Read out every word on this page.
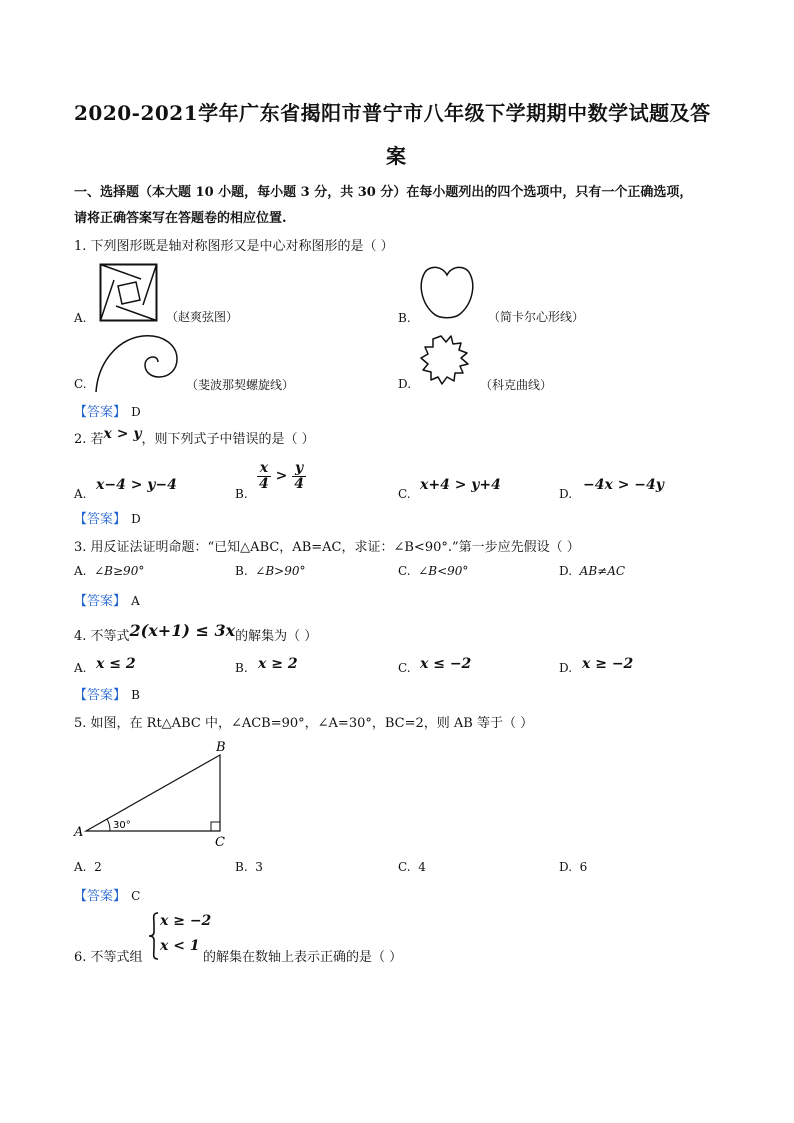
2020-2021学年广东省揭阳市普宁市八年级下学期期中数学试题及答
案
一、选择题（本大题 10 小题，每小题 3 分，共 30 分）在每小题列出的四个选项中，只有一个正确选项，
请将正确答案写在答题卷的相应位置.
1. 下列图形既是轴对称图形又是中心对称图形的是（ ）
A.	（赵爽弦图）	B.	（简卡尔心形线）
C.	（斐波那契螺旋线）	D.	（科克曲线）
【答案】 D
2. 若x > y，则下列式子中错误的是（ ）
A.
x−4 > y−4
B.
$\frac{x}{4} > \frac{y}{4}$
C.
x+4 > y+4
D.
−4x > −4y
【答案】 D
3. 用反证法证明命题：“已知△ABC，AB=AC，求证：∠B<90°.”第一步应先假设（ ）
A. ∠B≥90°	B. ∠B>90°	C. ∠B<90°	D. AB≠AC
【答案】 A
4. 不等式2(x+1) ≤ 3x的解集为（ ）
A. x ≤ 2	B. x ≥ 2	C. x ≤ −2	D. x ≥ −2
【答案】 B
5. 如图，在 Rt△ABC 中，∠ACB=90°，∠A=30°，BC=2，则 AB 等于（ ）
A
B
C
30°
A. 2	B. 3	C. 4	D. 6
【答案】 C
x ≥ −2
x < 1
6. 不等式组	的解集在数轴上表示正确的是（ ）
